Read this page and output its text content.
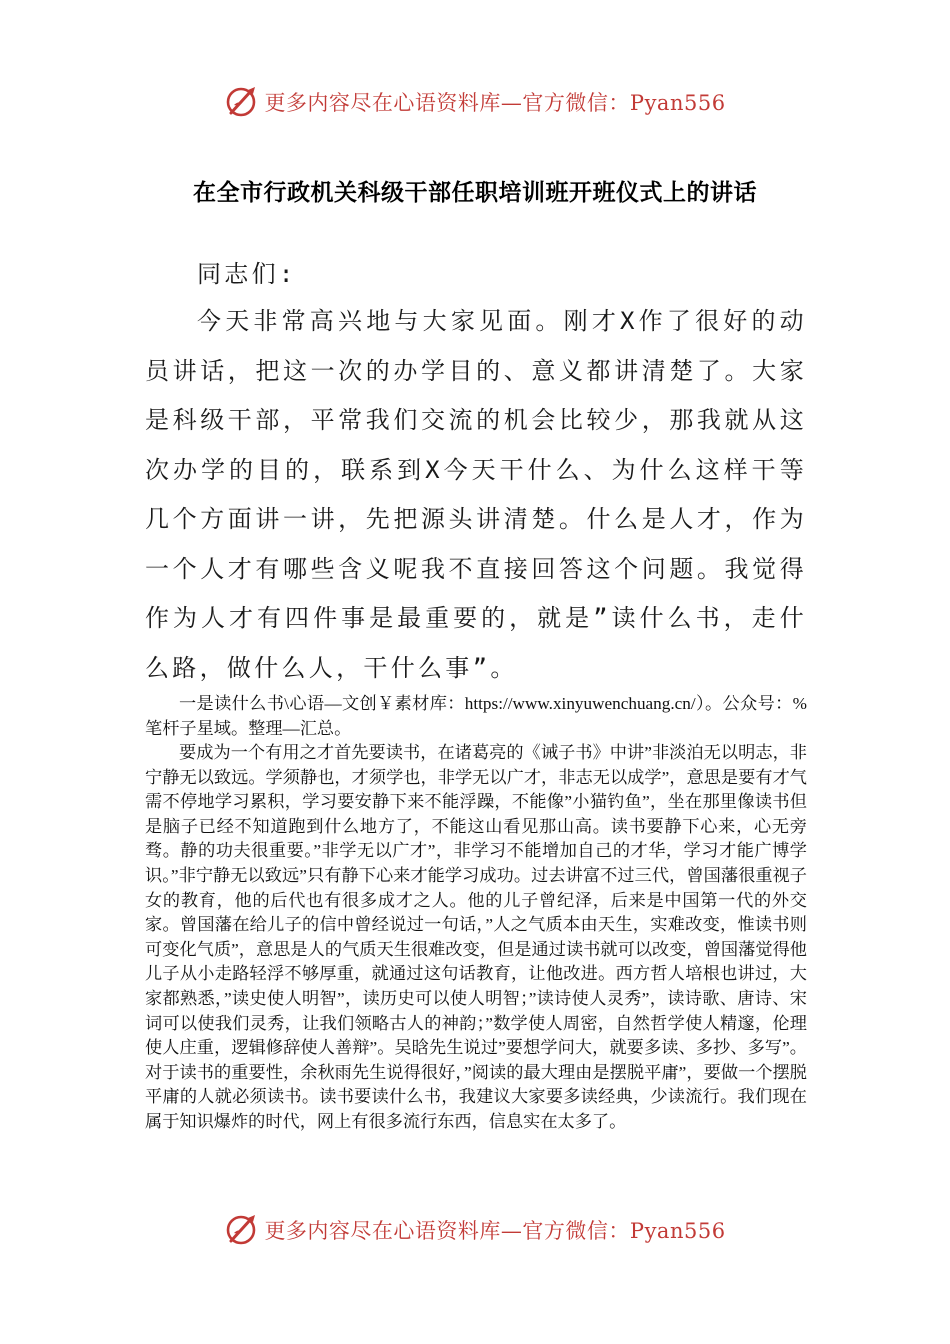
更多内容尽在心语资料库—官方微信：Pyan556
在全市行政机关科级干部任职培训班开班仪式上的讲话

同志们:

今天非常高兴地与大家见面。刚才X作了很好的动员讲话，把这一次的办学目的、意义都讲清楚了。大家是科级干部，平常我们交流的机会比较少，那我就从这次办学的目的，联系到X今天干什么、为什么这样干等几个方面讲一讲，先把源头讲清楚。什么是人才，作为一个人才有哪些含义呢我不直接回答这个问题。我觉得作为人才有四件事是最重要的，就是”读什么书，走什么路，做什么人，干什么事”。

一是读什么书\心语—文创￥素材库：https://www.xinyuwenchuang.cn/）。公众号：%笔杆子星域。整理—汇总。

要成为一个有用之才首先要读书，在诸葛亮的《诫子书》中讲”非淡泊无以明志，非宁静无以致远。学须静也，才须学也，非学无以广才，非志无以成学”，意思是要有才气需不停地学习累积，学习要安静下来不能浮躁，不能像”小猫钓鱼”，坐在那里像读书但是脑子已经不知道跑到什么地方了，不能这山看见那山高。读书要静下心来，心无旁骛。静的功夫很重要。”非学无以广才”，非学习不能增加自己的才华，学习才能广博学识。”非宁静无以致远”只有静下心来才能学习成功。过去讲富不过三代，曾国藩很重视子女的教育，他的后代也有很多成才之人。他的儿子曾纪泽，后来是中国第一代的外交家。曾国藩在给儿子的信中曾经说过一句话，”人之气质本由天生，实难改变，惟读书则可变化气质”，意思是人的气质天生很难改变，但是通过读书就可以改变，曾国藩觉得他儿子从小走路轻浮不够厚重，就通过这句话教育，让他改进。西方哲人培根也讲过，大家都熟悉，”读史使人明智”，读历史可以使人明智；”读诗使人灵秀”，读诗歌、唐诗、宋词可以使我们灵秀，让我们领略古人的神韵；”数学使人周密，自然哲学使人精邃，伦理使人庄重，逻辑修辞使人善辩”。吴晗先生说过”要想学问大，就要多读、多抄、多写”。对于读书的重要性，余秋雨先生说得很好，”阅读的最大理由是摆脱平庸”，要做一个摆脱平庸的人就必须读书。读书要读什么书，我建议大家要多读经典，少读流行。我们现在属于知识爆炸的时代，网上有很多流行东西，信息实在太多了。

更多内容尽在心语资料库—官方微信：Pyan556
